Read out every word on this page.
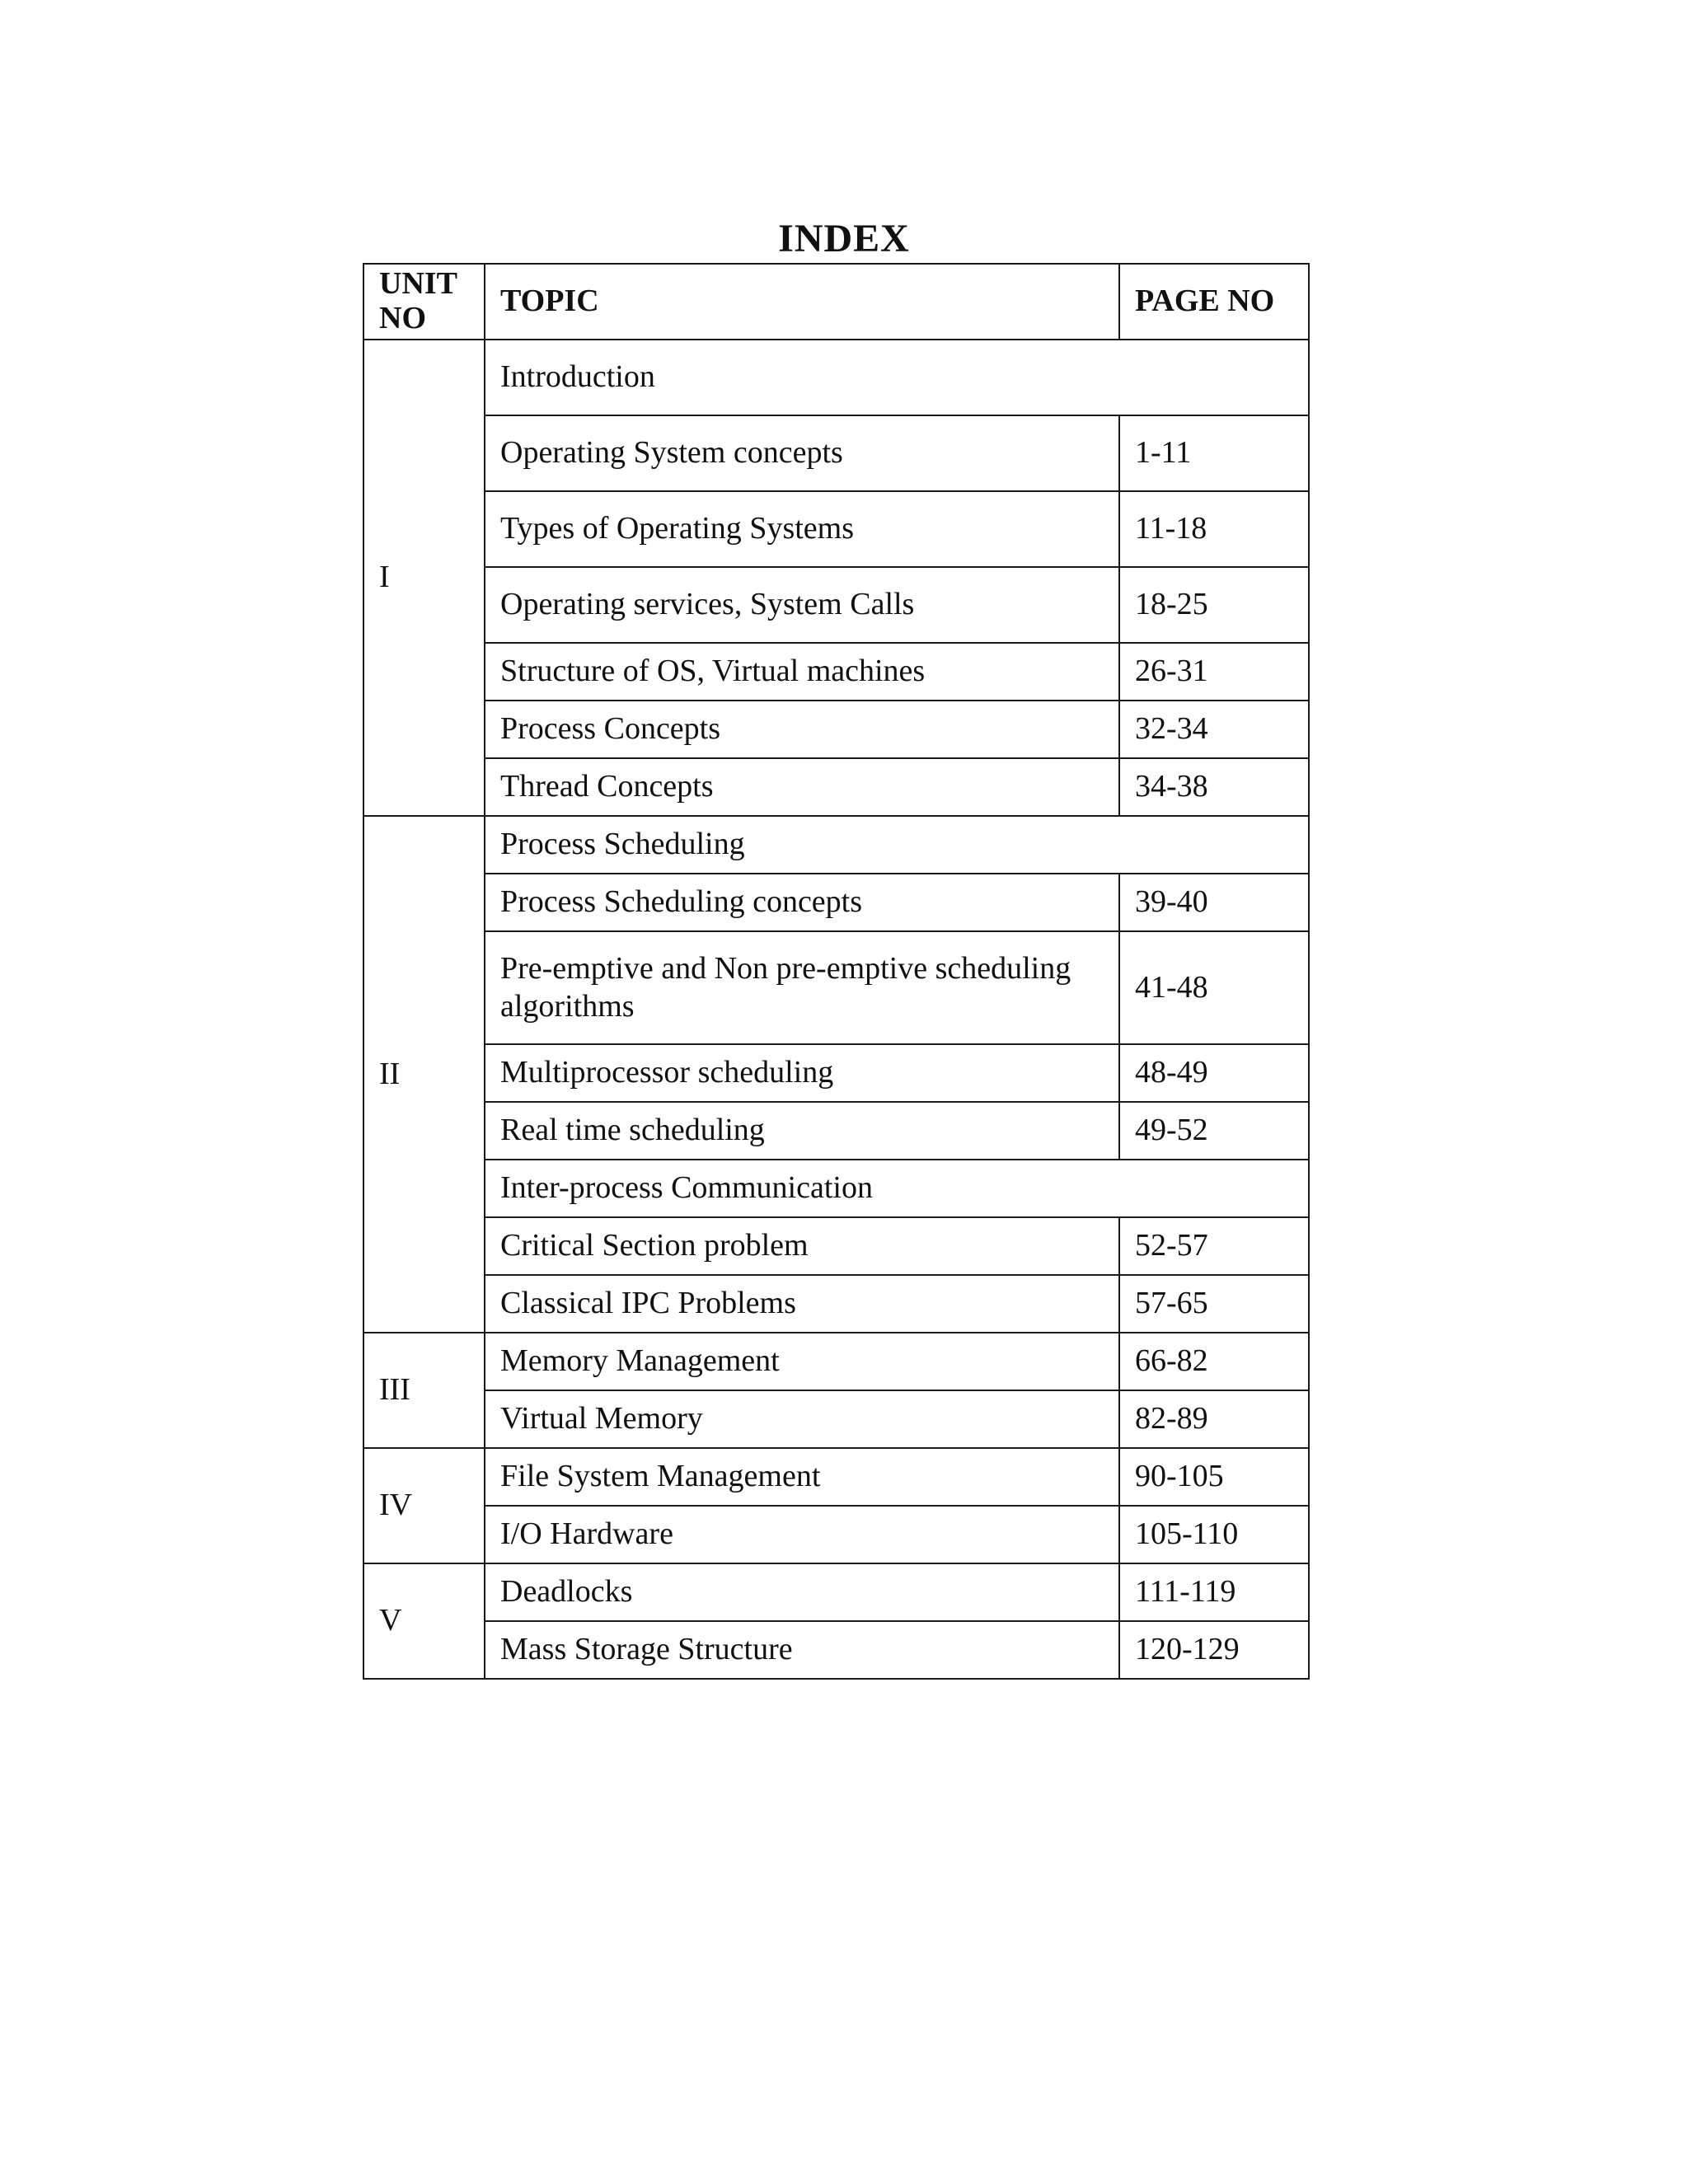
INDEX
UNIT NO	TOPIC	PAGE NO
I	Introduction	
	Operating System concepts	1-11
	Types of Operating Systems	11-18
	Operating services, System Calls	18-25
	Structure of OS, Virtual machines	26-31
	Process Concepts	32-34
	Thread Concepts	34-38
II	Process Scheduling	
	Process Scheduling concepts	39-40
	Pre-emptive and Non pre-emptive scheduling algorithms	41-48
	Multiprocessor scheduling	48-49
	Real time scheduling	49-52
	Inter-process Communication	
	Critical Section problem	52-57
	Classical IPC Problems	57-65
III	Memory Management	66-82
	Virtual Memory	82-89
IV	File System Management	90-105
	I/O Hardware	105-110
V	Deadlocks	111-119
	Mass Storage Structure	120-129
